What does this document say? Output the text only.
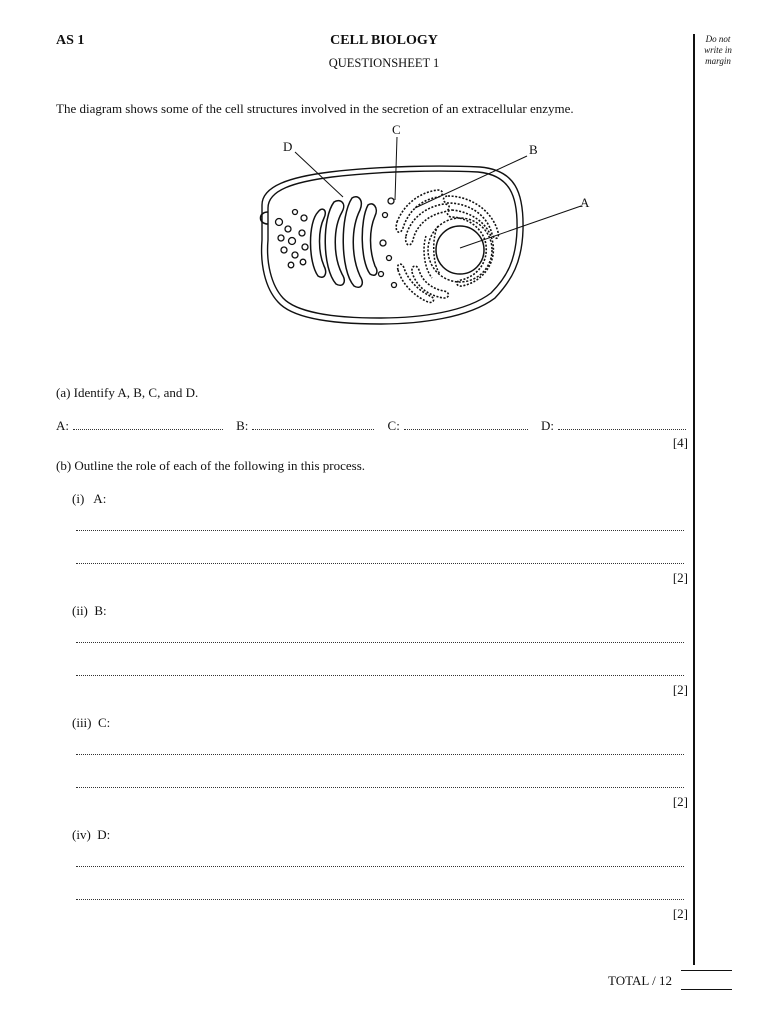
AS 1	CELL BIOLOGY
QUESTIONSHEET 1
Do not write in margin
The diagram shows some of the cell structures involved in the secretion of an extracellular enzyme.
C
D	B
A
(a) Identify A, B, C, and D.
A:	B:	C:	D:
[4]
(b) Outline the role of each of the following in this process.
(i)   A:
[2]
(ii)  B:
[2]
(iii)  C:
[2]
(iv)  D:
[2]
TOTAL / 12
